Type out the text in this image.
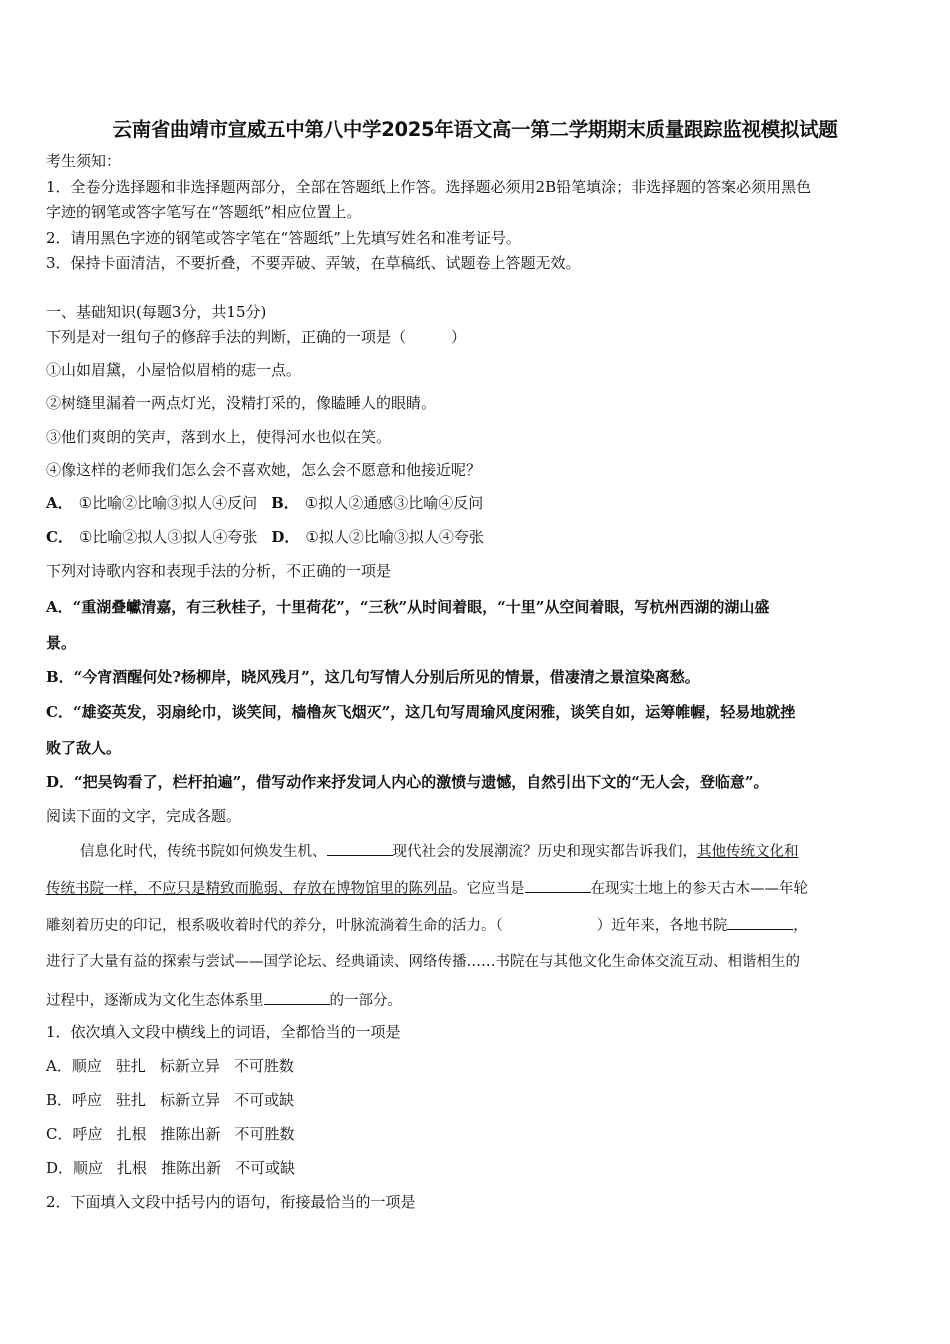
云南省曲靖市宣威五中第八中学2025年语文高一第二学期期末质量跟踪监视模拟试题
考生须知：
1．全卷分选择题和非选择题两部分，全部在答题纸上作答。选择题必须用2B铅笔填涂；非选择题的答案必须用黑色
字迹的钢笔或答字笔写在“答题纸”相应位置上。
2．请用黑色字迹的钢笔或答字笔在“答题纸”上先填写姓名和准考证号。
3．保持卡面清洁，不要折叠，不要弄破、弄皱，在草稿纸、试题卷上答题无效。
一、基础知识(每题3分，共15分)
下列是对一组句子的修辞手法的判断，正确的一项是（　　　）
①山如眉黛，小屋恰似眉梢的痣一点。
②树缝里漏着一两点灯光，没精打采的，像瞌睡人的眼睛。
③他们爽朗的笑声，落到水上，使得河水也似在笑。
④像这样的老师我们怎么会不喜欢她，怎么会不愿意和他接近呢？
A． ①比喻②比喻③拟人④反问 B． ①拟人②通感③比喻④反问
C． ①比喻②拟人③拟人④夸张 D． ①拟人②比喻③拟人④夸张
下列对诗歌内容和表现手法的分析，不正确的一项是
A．“重湖叠巘清嘉，有三秋桂子，十里荷花”，“三秋”从时间着眼，“十里”从空间着眼，写杭州西湖的湖山盛
景。
B．“今宵酒醒何处?杨柳岸，晓风残月”，这几句写情人分别后所见的情景，借凄清之景渲染离愁。
C．“雄姿英发，羽扇纶巾，谈笑间，樯橹灰飞烟灭”，这几句写周瑜风度闲雅，谈笑自如，运筹帷幄，轻易地就挫
败了敌人。
D．“把吴钩看了，栏杆拍遍”，借写动作来抒发词人内心的激愤与遗憾，自然引出下文的“无人会，登临意”。
阅读下面的文字，完成各题。
信息化时代，传统书院如何焕发生机、	现代社会的发展潮流？历史和现实都告诉我们，其他传统文化和
传统书院一样，不应只是精致而脆弱、存放在博物馆里的陈列品。它应当是	在现实土地上的参天古木——年轮
雕刻着历史的印记，根系吸收着时代的养分，叶脉流淌着生命的活力。（	）近年来，各地书院	，
进行了大量有益的探索与尝试——国学论坛、经典诵读、网络传播……书院在与其他文化生命体交流互动、相谐相生的
过程中，逐渐成为文化生态体系里	的一部分。
1．依次填入文段中横线上的词语，全都恰当的一项是
A．顺应 驻扎 标新立异 不可胜数
B．呼应 驻扎 标新立异 不可或缺
C．呼应 扎根 推陈出新 不可胜数
D．顺应 扎根 推陈出新 不可或缺
2．下面填入文段中括号内的语句，衔接最恰当的一项是
